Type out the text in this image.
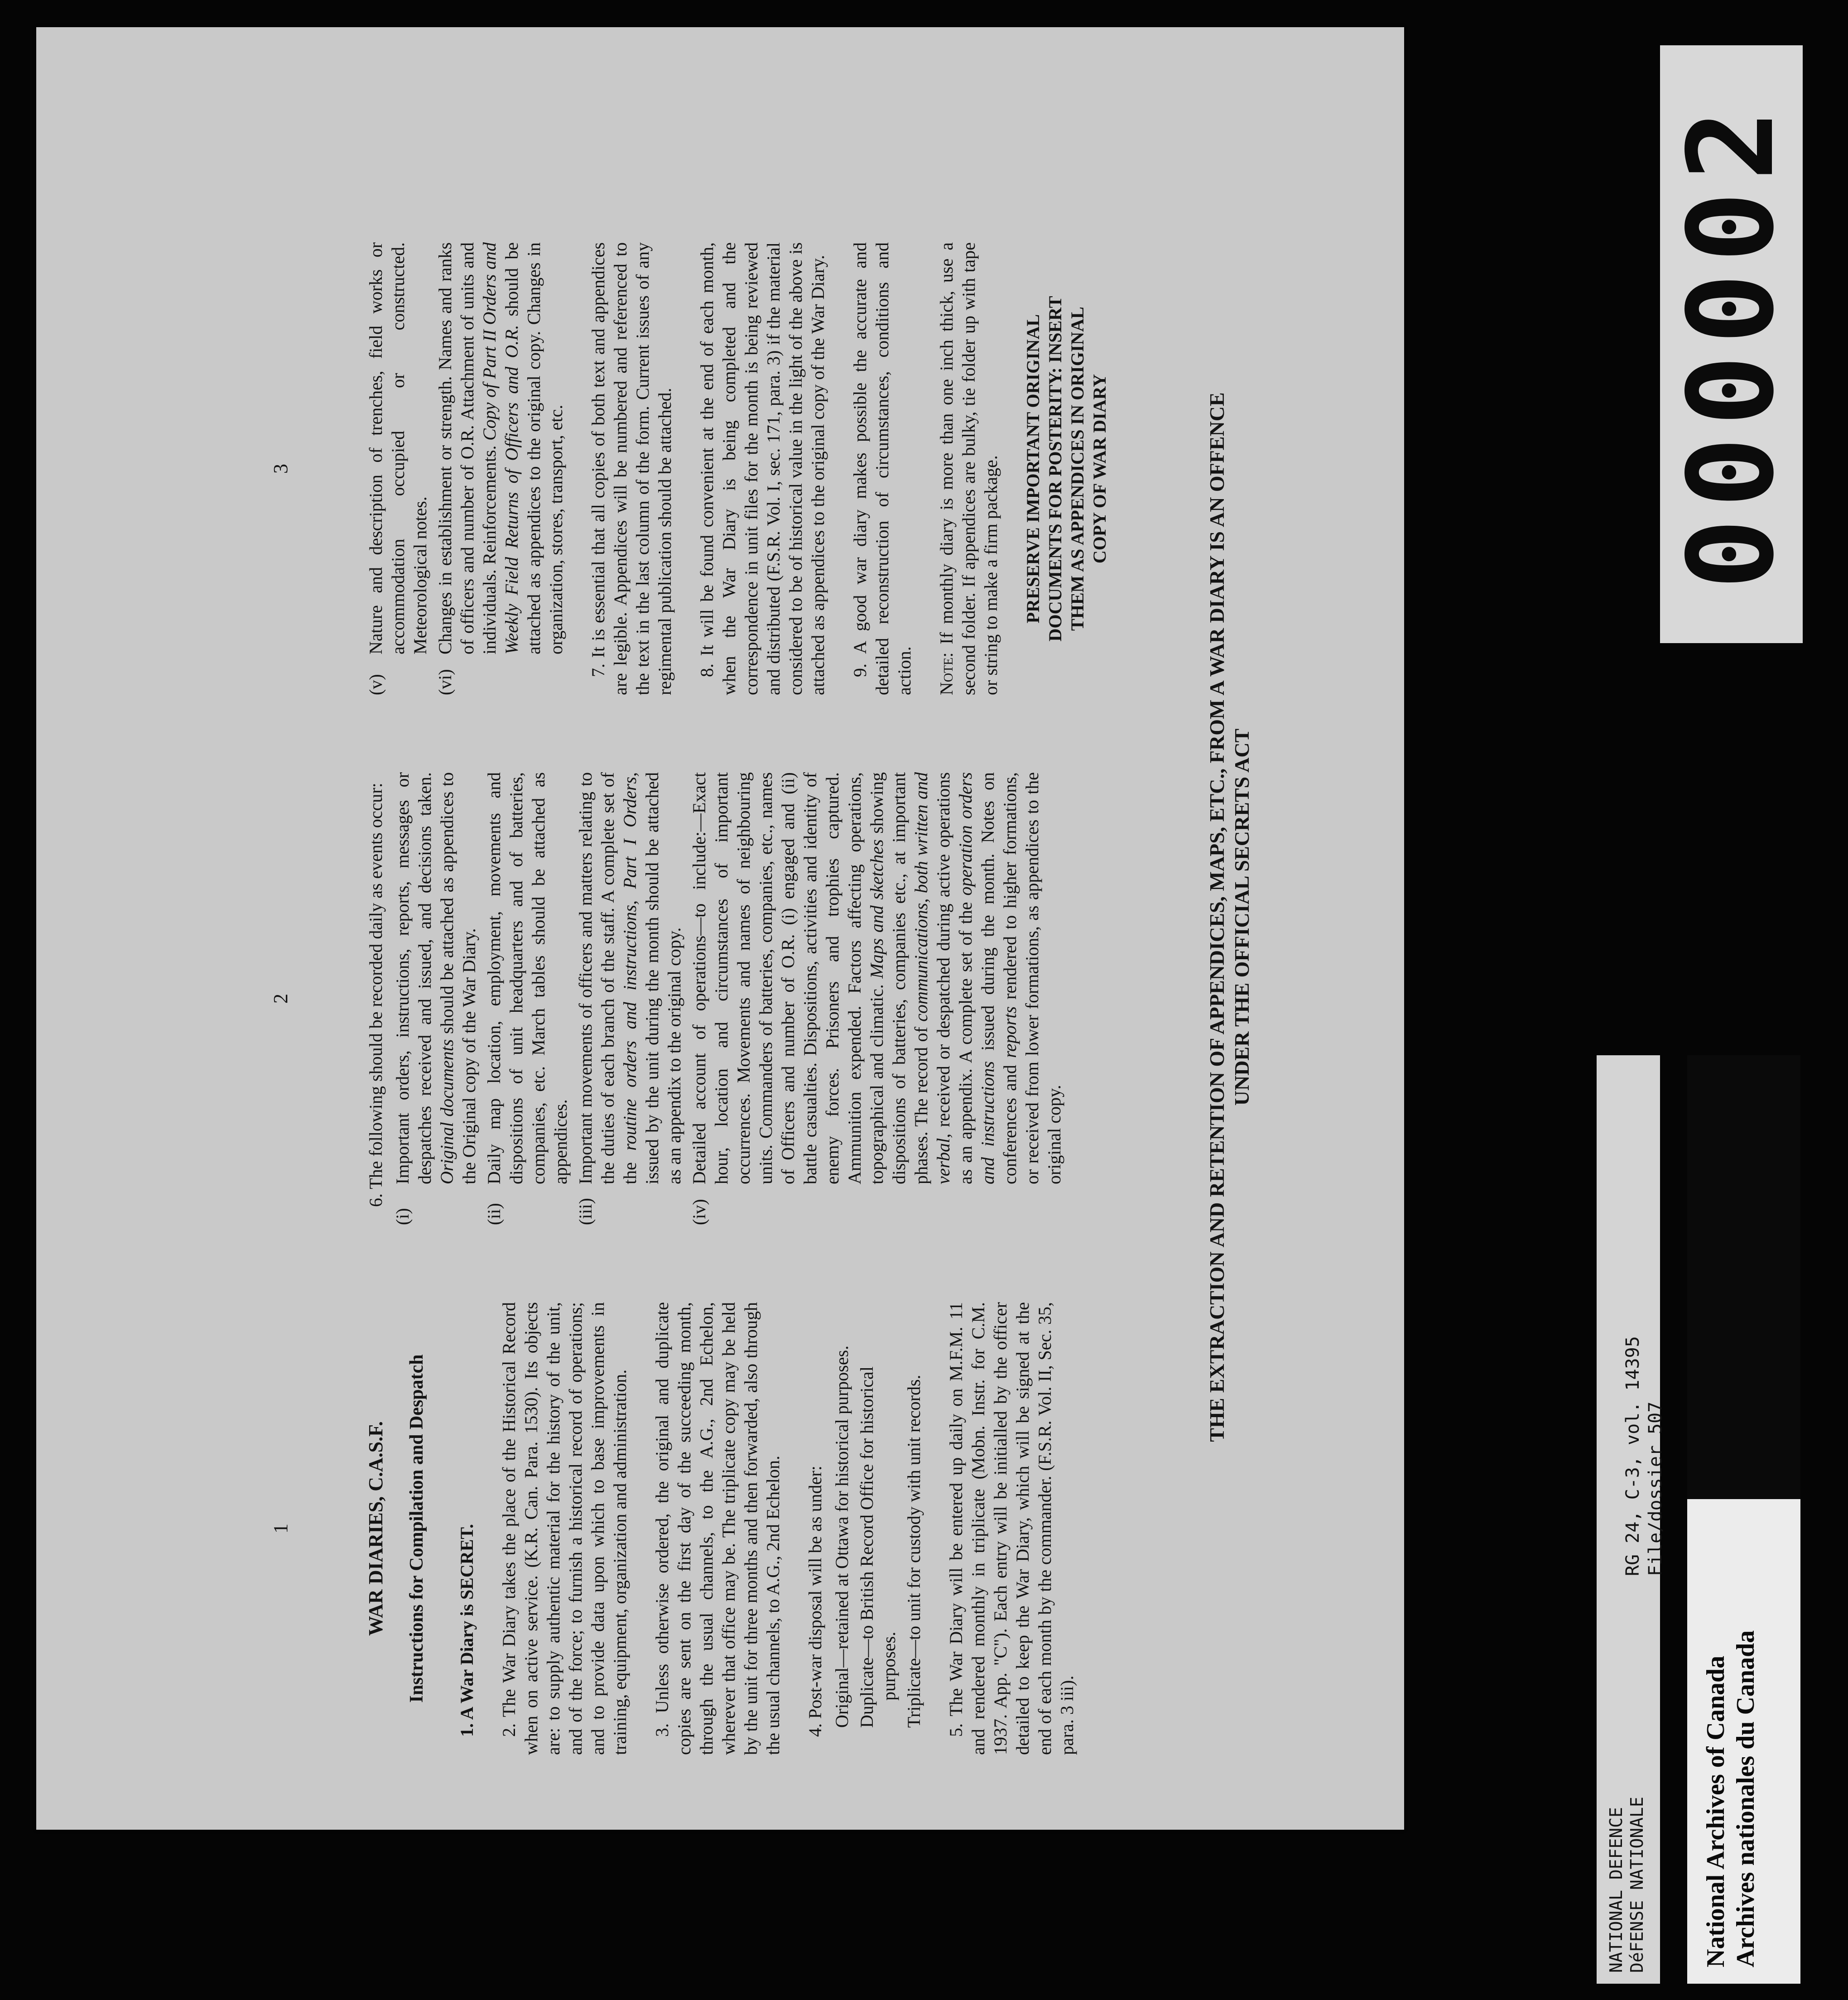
1
2
3
WAR DIARIES, C.A.S.F. Instructions for Compilation and Despatch 1. A War Diary is SECRET. 2. The War Diary takes the place of the Historical Record when on active service. (K.R. Can. Para. 1530). Its objects are: to supply authentic material for the history of the unit, and of the force; to furnish a historical record of operations; and to provide data upon which to base improvements in training, equipment, organization and administration. 3. Unless otherwise ordered, the original and duplicate copies are sent on the first day of the succeeding month, through the usual channels, to the A.G., 2nd Echelon, wherever that office may be. The triplicate copy may be held by the unit for three months and then forwarded, also through the usual channels, to A.G., 2nd Echelon. 4. Post-war disposal will be as under: Original—retained at Ottawa for historical purposes. Duplicate—to British Record Office for historical purposes. Triplicate—to unit for custody with unit records. 5. The War Diary will be entered up daily on M.F.M. 11 and rendered monthly in triplicate (Mobn. Instr. for C.M. 1937. App. "C"). Each entry will be initialled by the officer detailed to keep the War Diary, which will be signed at the end of each month by the commander. (F.S.R. Vol. II, Sec. 35, para. 3 iii).

6. The following should be recorded daily as events occur:

(i)
Important orders, instructions, reports, messages or despatches received and issued, and decisions taken. Original documents should be attached as appendices to the Original copy of the War Diary.
(ii)
Daily map location, employment, movements and dispositions of unit headquarters and of batteries, companies, etc. March tables should be attached as appendices.
(iii)
Important movements of officers and matters relating to the duties of each branch of the staff. A complete set of the routine orders and instructions, Part I Orders, issued by the unit during the month should be attached as an appendix to the original copy.
(iv)
Detailed account of operations—to include:—Exact hour, location and circumstances of important occurrences. Movements and names of neighbouring units. Commanders of batteries, companies, etc., names of Officers and number of O.R. (i) engaged and (ii) battle casualties. Dispositions, activities and identity of enemy forces. Prisoners and trophies captured. Ammunition expended. Factors affecting operations, topographical and climatic. Maps and sketches showing dispositions of batteries, companies etc., at important phases. The record of communications, both written and verbal, received or despatched during active operations as an appendix. A complete set of the operation orders and instructions issued during the month. Notes on conferences and reports rendered to higher formations, or received from lower formations, as appendices to the original copy.
(v)
Nature and description of trenches, field works or accommodation occupied or constructed. Meteorological notes.
(vi)
Changes in establishment or strength. Names and ranks of officers and number of O.R. Attachment of units and individuals. Reinforcements. Copy of Part II Orders and Weekly Field Returns of Officers and O.R. should be attached as appendices to the original copy. Changes in organization, stores, transport, etc. 7. It is essential that all copies of both text and appendices are legible. Appendices will be numbered and referenced to the text in the last column of the form. Current issues of any regimental publication should be attached. 8. It will be found convenient at the end of each month, when the War Diary is being completed and the correspondence in unit files for the month is being reviewed and distributed (F.S.R. Vol. I, sec. 171, para. 3) if the material considered to be of historical value in the light of the above is attached as appendices to the original copy of the War Diary. 9. A good war diary makes possible the accurate and detailed reconstruction of circumstances, conditions and action. Note: If monthly diary is more than one inch thick, use a second folder. If appendices are bulky, tie folder up with tape or string to make a firm package. PRESERVE IMPORTANT ORIGINAL DOCUMENTS FOR POSTERITY: INSERT THEM AS APPENDICES IN ORIGINAL COPY OF WAR DIARY	THE EXTRACTION AND RETENTION OF APPENDICES, MAPS, ETC., FROM A WAR DIARY IS AN OFFENCE UNDER THE OFFICIAL SECRETS ACT
000002
NATIONAL DEFENCE DéFENSE NATIONALE
RG 24, C-3, vol. 14395 File/dossier 507
National Archives of Canada Archives nationales du Canada
